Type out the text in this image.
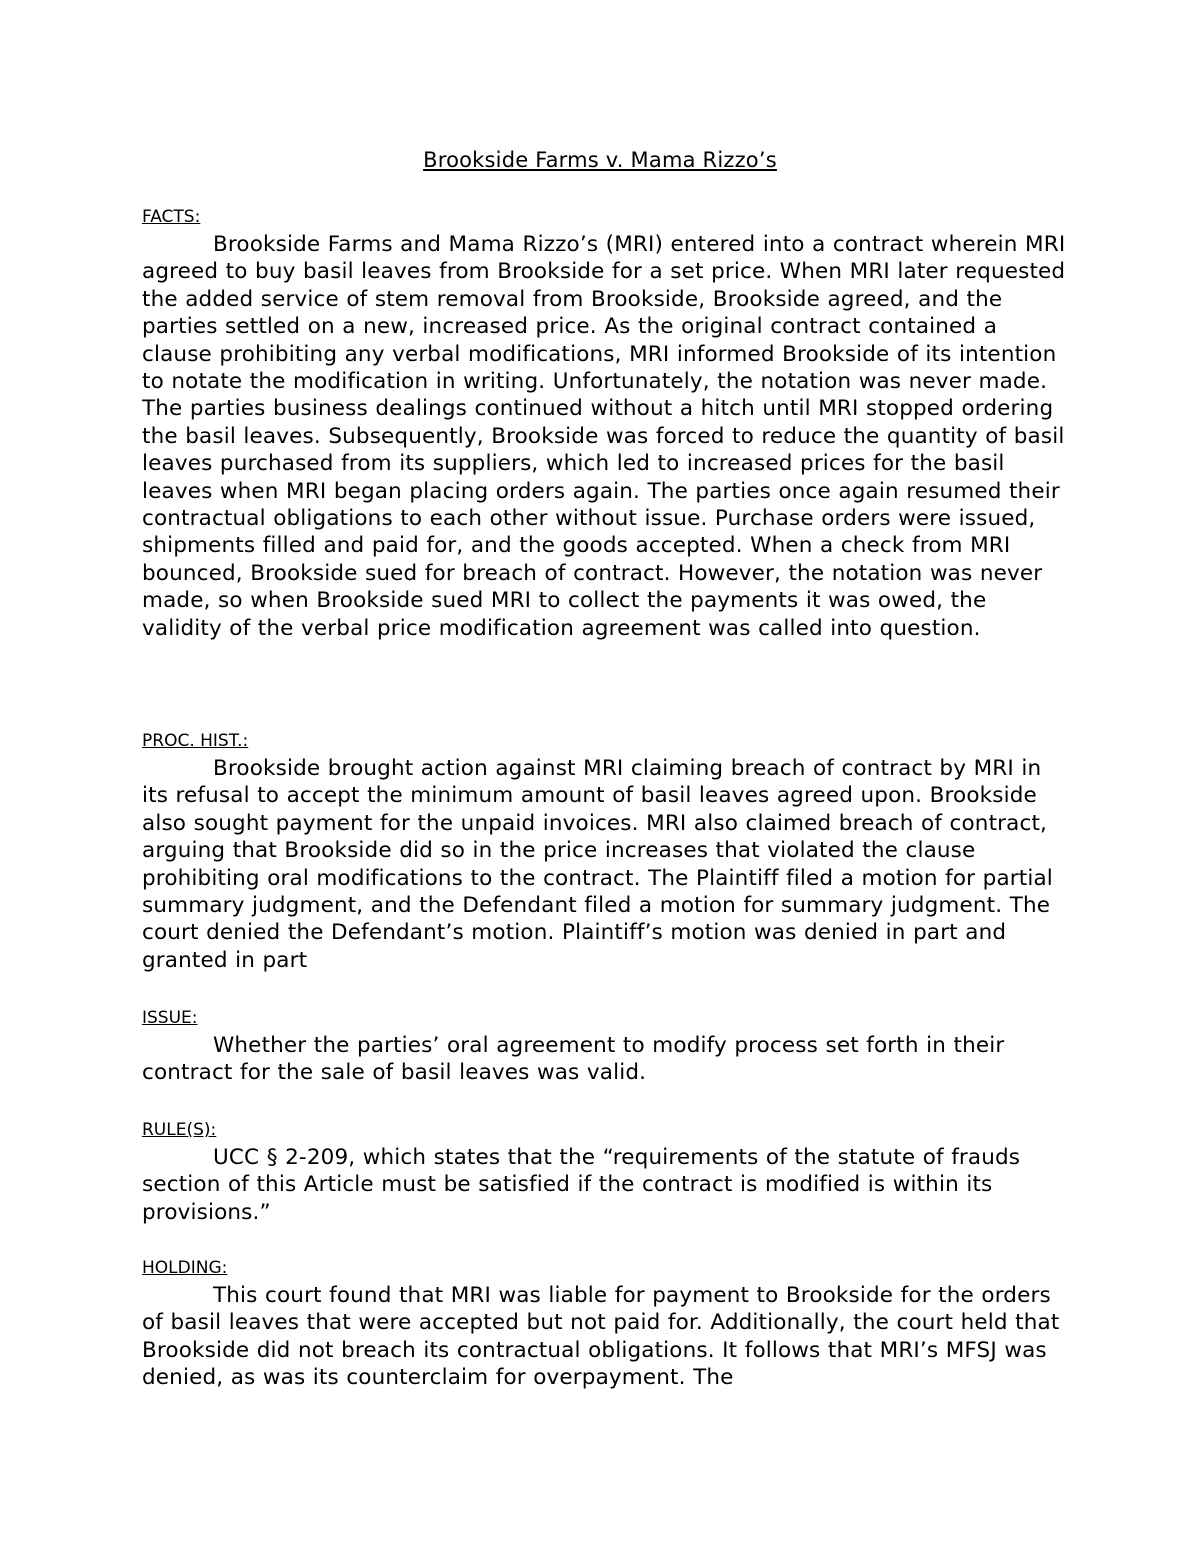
Brookside Farms v. Mama Rizzo’s
FACTS:

Brookside Farms and Mama Rizzo’s (MRI) entered into a contract wherein MRI agreed to buy basil leaves from Brookside for a set price. When MRI later requested the added service of stem removal from Brookside, Brookside agreed, and the parties settled on a new, increased price. As the original contract contained a clause prohibiting any verbal modifications, MRI informed Brookside of its intention to notate the modification in writing. Unfortunately, the notation was never made. The parties business dealings continued without a hitch until MRI stopped ordering the basil leaves. Subsequently, Brookside was forced to reduce the quantity of basil leaves purchased from its suppliers, which led to increased prices for the basil leaves when MRI began placing orders again. The parties once again resumed their contractual obligations to each other without issue. Purchase orders were issued, shipments filled and paid for, and the goods accepted. When a check from MRI bounced, Brookside sued for breach of contract. However, the notation was never made, so when Brookside sued MRI to collect the payments it was owed, the validity of the verbal price modification agreement was called into question.

PROC. HIST.:

Brookside brought action against MRI claiming breach of contract by MRI in its refusal to accept the minimum amount of basil leaves agreed upon. Brookside also sought payment for the unpaid invoices. MRI also claimed breach of contract, arguing that Brookside did so in the price increases that violated the clause prohibiting oral modifications to the contract. The Plaintiff filed a motion for partial summary judgment, and the Defendant filed a motion for summary judgment. The court denied the Defendant’s motion. Plaintiff’s motion was denied in part and granted in part

ISSUE:

Whether the parties’ oral agreement to modify process set forth in their contract for the sale of basil leaves was valid.

RULE(S):

UCC § 2-209, which states that the “requirements of the statute of frauds section of this Article must be satisfied if the contract is modified is within its provisions.”

HOLDING:

This court found that MRI was liable for payment to Brookside for the orders of basil leaves that were accepted but not paid for. Additionally, the court held that Brookside did not breach its contractual obligations. It follows that MRI’s MFSJ was denied, as was its counterclaim for overpayment. The
